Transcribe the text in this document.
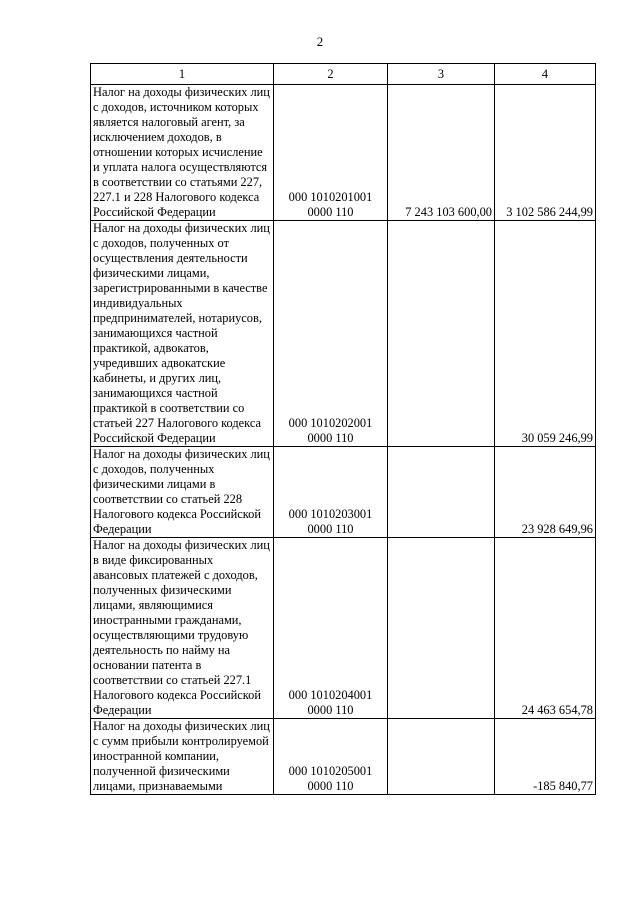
2
1	2	3	4
Налог на доходы физических лиц с доходов, источником которых является налоговый агент, за исключением доходов, в отношении которых исчисление и уплата налога осуществляются в соответствии со статьями 227, 227.1 и 228 Налогового кодекса Российской Федерации	000 1010201001 0000 110	7 243 103 600,00	3 102 586 244,99
Налог на доходы физических лиц с доходов, полученных от осуществления деятельности физическими лицами, зарегистрированными в качестве индивидуальных предпринимателей, нотариусов, занимающихся частной практикой, адвокатов, учредивших адвокатские кабинеты, и других лиц, занимающихся частной практикой в соответствии со статьей 227 Налогового кодекса Российской Федерации	000 1010202001 0000 110		30 059 246,99
Налог на доходы физических лиц с доходов, полученных физическими лицами в соответствии со статьей 228 Налогового кодекса Российской Федерации	000 1010203001 0000 110		23 928 649,96
Налог на доходы физических лиц в виде фиксированных авансовых платежей с доходов, полученных физическими лицами, являющимися иностранными гражданами, осуществляющими трудовую деятельность по найму на основании патента в соответствии со статьей 227.1 Налогового кодекса Российской Федерации	000 1010204001 0000 110		24 463 654,78
Налог на доходы физических лиц с сумм прибыли контролируемой иностранной компании, полученной физическими лицами, признаваемыми	000 1010205001 0000 110		-185 840,77
